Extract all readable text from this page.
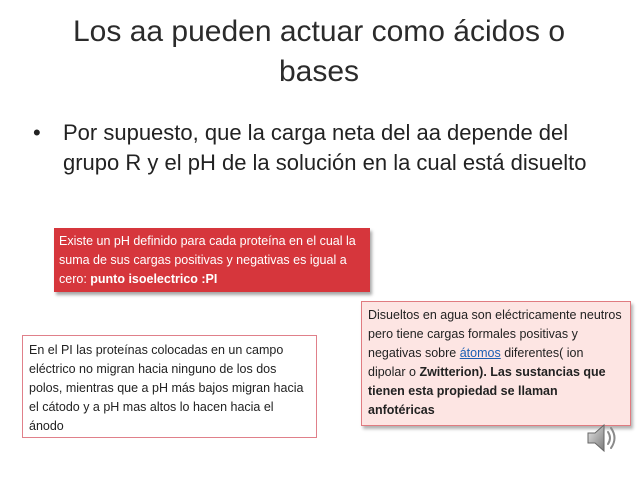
Los aa pueden actuar como ácidos o bases
•	Por supuesto, que la carga neta del aa depende del grupo R y el pH de la solución en la cual está disuelto
Existe un pH definido para cada proteína en el cual la suma de sus cargas positivas y negativas es igual a cero: punto isoelectrico :PI
En el PI las proteínas colocadas en un campo eléctrico no migran hacia ninguno de los dos polos, mientras que a pH más bajos migran hacia el cátodo y a pH mas altos lo hacen hacia el ánodo
Disueltos en agua son eléctricamente neutros pero tiene cargas formales positivas y negativas sobre átomos diferentes( ion dipolar o Zwitterion). Las sustancias que tienen esta propiedad se llaman anfotéricas
